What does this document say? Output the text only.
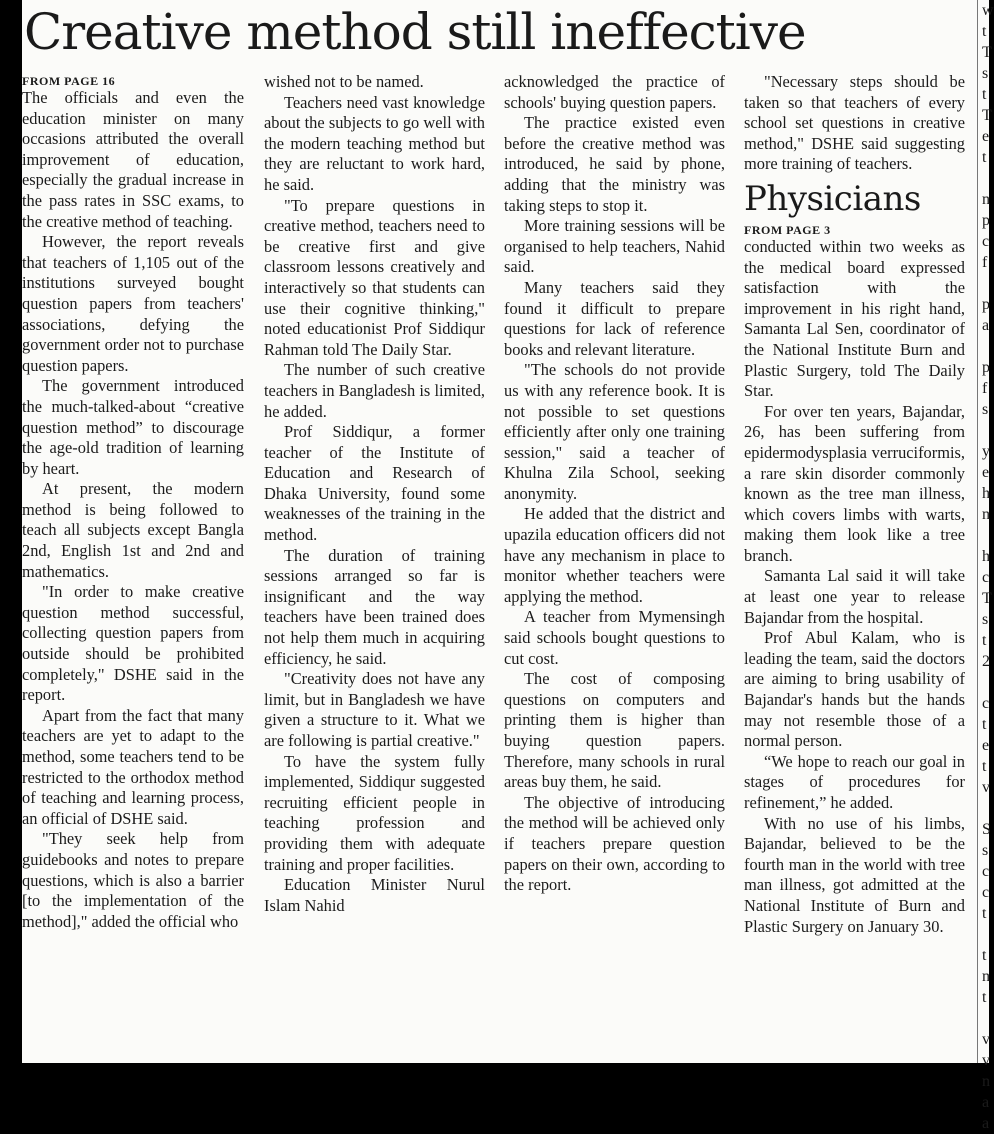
Creative method still ineffective
FROM PAGE 16

The officials and even the education minister on many occasions attributed the overall improvement of education, especially the gradual increase in the pass rates in SSC exams, to the creative method of teaching.

However, the report reveals that teachers of 1,105 out of the institutions surveyed bought question papers from teachers' associations, defying the government order not to purchase question papers.

The government introduced the much-talked-about “creative question method” to discourage the age-old tradition of learning by heart.

At present, the modern method is being followed to teach all subjects except Bangla 2nd, English 1st and 2nd and mathematics.

"In order to make creative question method successful, collecting question papers from outside should be prohibited completely," DSHE said in the report.

Apart from the fact that many teachers are yet to adapt to the method, some teachers tend to be restricted to the orthodox method of teaching and learning process, an official of DSHE said.

"They seek help from guidebooks and notes to prepare questions, which is also a barrier [to the implementation of the method]," added the official who

wished not to be named.

Teachers need vast knowledge about the subjects to go well with the modern teaching method but they are reluctant to work hard, he said.

"To prepare questions in creative method, teachers need to be creative first and give classroom lessons creatively and interactively so that students can use their cognitive thinking," noted educationist Prof Siddiqur Rahman told The Daily Star.

The number of such creative teachers in Bangladesh is limited, he added.

Prof Siddiqur, a former teacher of the Institute of Education and Research of Dhaka University, found some weaknesses of the training in the method.

The duration of training sessions arranged so far is insignificant and the way teachers have been trained does not help them much in acquiring efficiency, he said.

"Creativity does not have any limit, but in Bangladesh we have given a structure to it. What we are following is partial creative."

To have the system fully implemented, Siddiqur suggested recruiting efficient people in teaching profession and providing them with adequate training and proper facilities.

Education Minister Nurul Islam Nahid

acknowledged the practice of schools' buying question papers.

The practice existed even before the creative method was introduced, he said by phone, adding that the ministry was taking steps to stop it.

More training sessions will be organised to help teachers, Nahid said.

Many teachers said they found it difficult to prepare questions for lack of reference books and relevant literature.

"The schools do not provide us with any reference book. It is not possible to set questions efficiently after only one training session," said a teacher of Khulna Zila School, seeking anonymity.

He added that the district and upazila education officers did not have any mechanism in place to monitor whether teachers were applying the method.

A teacher from Mymensingh said schools bought questions to cut cost.

The cost of composing questions on computers and printing them is higher than buying question papers. Therefore, many schools in rural areas buy them, he said.

The objective of introducing the method will be achieved only if teachers prepare question papers on their own, according to the report.

"Necessary steps should be taken so that teachers of every school set questions in creative method," DSHE said suggesting more training of teachers.

Physicians
FROM PAGE 3

conducted within two weeks as the medical board expressed satisfaction with the improvement in his right hand, Samanta Lal Sen, coordinator of the National Institute Burn and Plastic Surgery, told The Daily Star.

For over ten years, Bajandar, 26, has been suffering from epidermodysplasia verruciformis, a rare skin disorder commonly known as the tree man illness, which covers limbs with warts, making them look like a tree branch.

Samanta Lal said it will take at least one year to release Bajandar from the hospital.

Prof Abul Kalam, who is leading the team, said the doctors are aiming to bring usability of Bajandar's hands but the hands may not resemble those of a normal person.

“We hope to reach our goal in stages of procedures for refinement,” he added.

With no use of his limbs, Bajandar, believed to be the fourth man in the world with tree man illness, got admitted at the National Institute of Burn and Plastic Surgery on January 30.

w
t
T
s
t
T
e
t

n
p
c
f

p
a

p
f
s

y
e
h
n

h
c
T
s
t
2

c
t
e
t
v

S
s
c
c
t

t
n
t

v
v
n
a
a
